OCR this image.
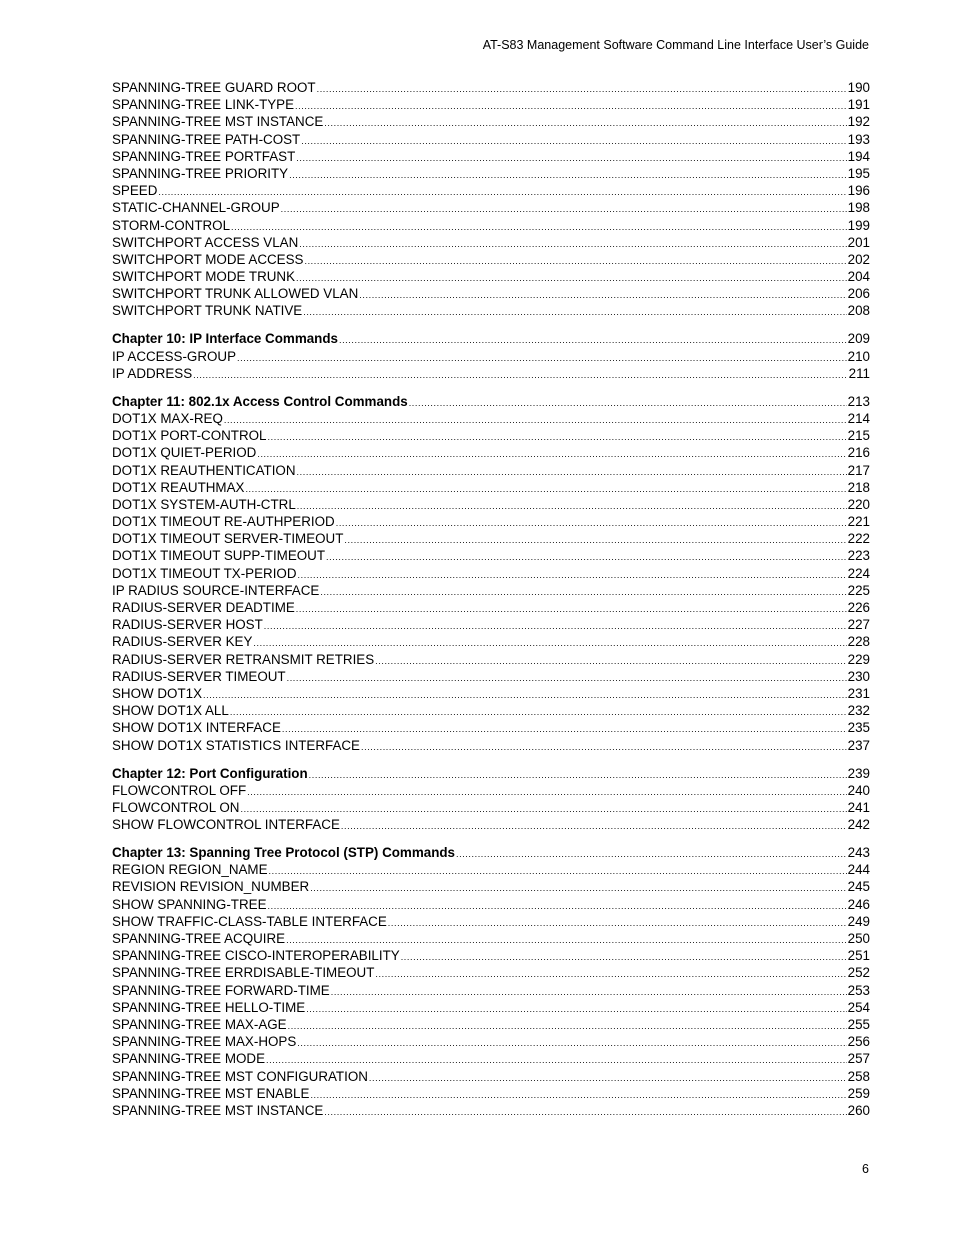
AT-S83 Management Software Command Line Interface User’s Guide
SPANNING-TREE GUARD ROOT .....	190
SPANNING-TREE LINK-TYPE .....	191
SPANNING-TREE MST INSTANCE .....	192
SPANNING-TREE PATH-COST .....	193
SPANNING-TREE PORTFAST .....	194
SPANNING-TREE PRIORITY .....	195
SPEED .....	196
STATIC-CHANNEL-GROUP .....	198
STORM-CONTROL .....	199
SWITCHPORT ACCESS VLAN .....	201
SWITCHPORT MODE ACCESS .....	202
SWITCHPORT MODE TRUNK .....	204
SWITCHPORT TRUNK ALLOWED VLAN .....	206
SWITCHPORT TRUNK NATIVE .....	208
Chapter 10: IP Interface Commands .....	209
IP ACCESS-GROUP .....	210
IP ADDRESS .....	211
Chapter 11: 802.1x Access Control Commands .....	213
DOT1X MAX-REQ .....	214
DOT1X PORT-CONTROL .....	215
DOT1X QUIET-PERIOD .....	216
DOT1X REAUTHENTICATION .....	217
DOT1X REAUTHMAX .....	218
DOT1X SYSTEM-AUTH-CTRL .....	220
DOT1X TIMEOUT RE-AUTHPERIOD .....	221
DOT1X TIMEOUT SERVER-TIMEOUT .....	222
DOT1X TIMEOUT SUPP-TIMEOUT .....	223
DOT1X TIMEOUT TX-PERIOD .....	224
IP RADIUS SOURCE-INTERFACE .....	225
RADIUS-SERVER DEADTIME .....	226
RADIUS-SERVER HOST .....	227
RADIUS-SERVER KEY .....	228
RADIUS-SERVER RETRANSMIT RETRIES .....	229
RADIUS-SERVER TIMEOUT .....	230
SHOW DOT1X .....	231
SHOW DOT1X ALL .....	232
SHOW DOT1X INTERFACE .....	235
SHOW DOT1X STATISTICS INTERFACE .....	237
Chapter 12: Port Configuration .....	239
FLOWCONTROL OFF .....	240
FLOWCONTROL ON .....	241
SHOW FLOWCONTROL INTERFACE .....	242
Chapter 13: Spanning Tree Protocol (STP) Commands .....	243
REGION REGION_NAME .....	244
REVISION REVISION_NUMBER .....	245
SHOW SPANNING-TREE .....	246
SHOW TRAFFIC-CLASS-TABLE INTERFACE .....	249
SPANNING-TREE ACQUIRE .....	250
SPANNING-TREE CISCO-INTEROPERABILITY .....	251
SPANNING-TREE ERRDISABLE-TIMEOUT .....	252
SPANNING-TREE FORWARD-TIME .....	253
SPANNING-TREE HELLO-TIME .....	254
SPANNING-TREE MAX-AGE .....	255
SPANNING-TREE MAX-HOPS .....	256
SPANNING-TREE MODE .....	257
SPANNING-TREE MST CONFIGURATION .....	258
SPANNING-TREE MST ENABLE .....	259
SPANNING-TREE MST INSTANCE .....	260
6
